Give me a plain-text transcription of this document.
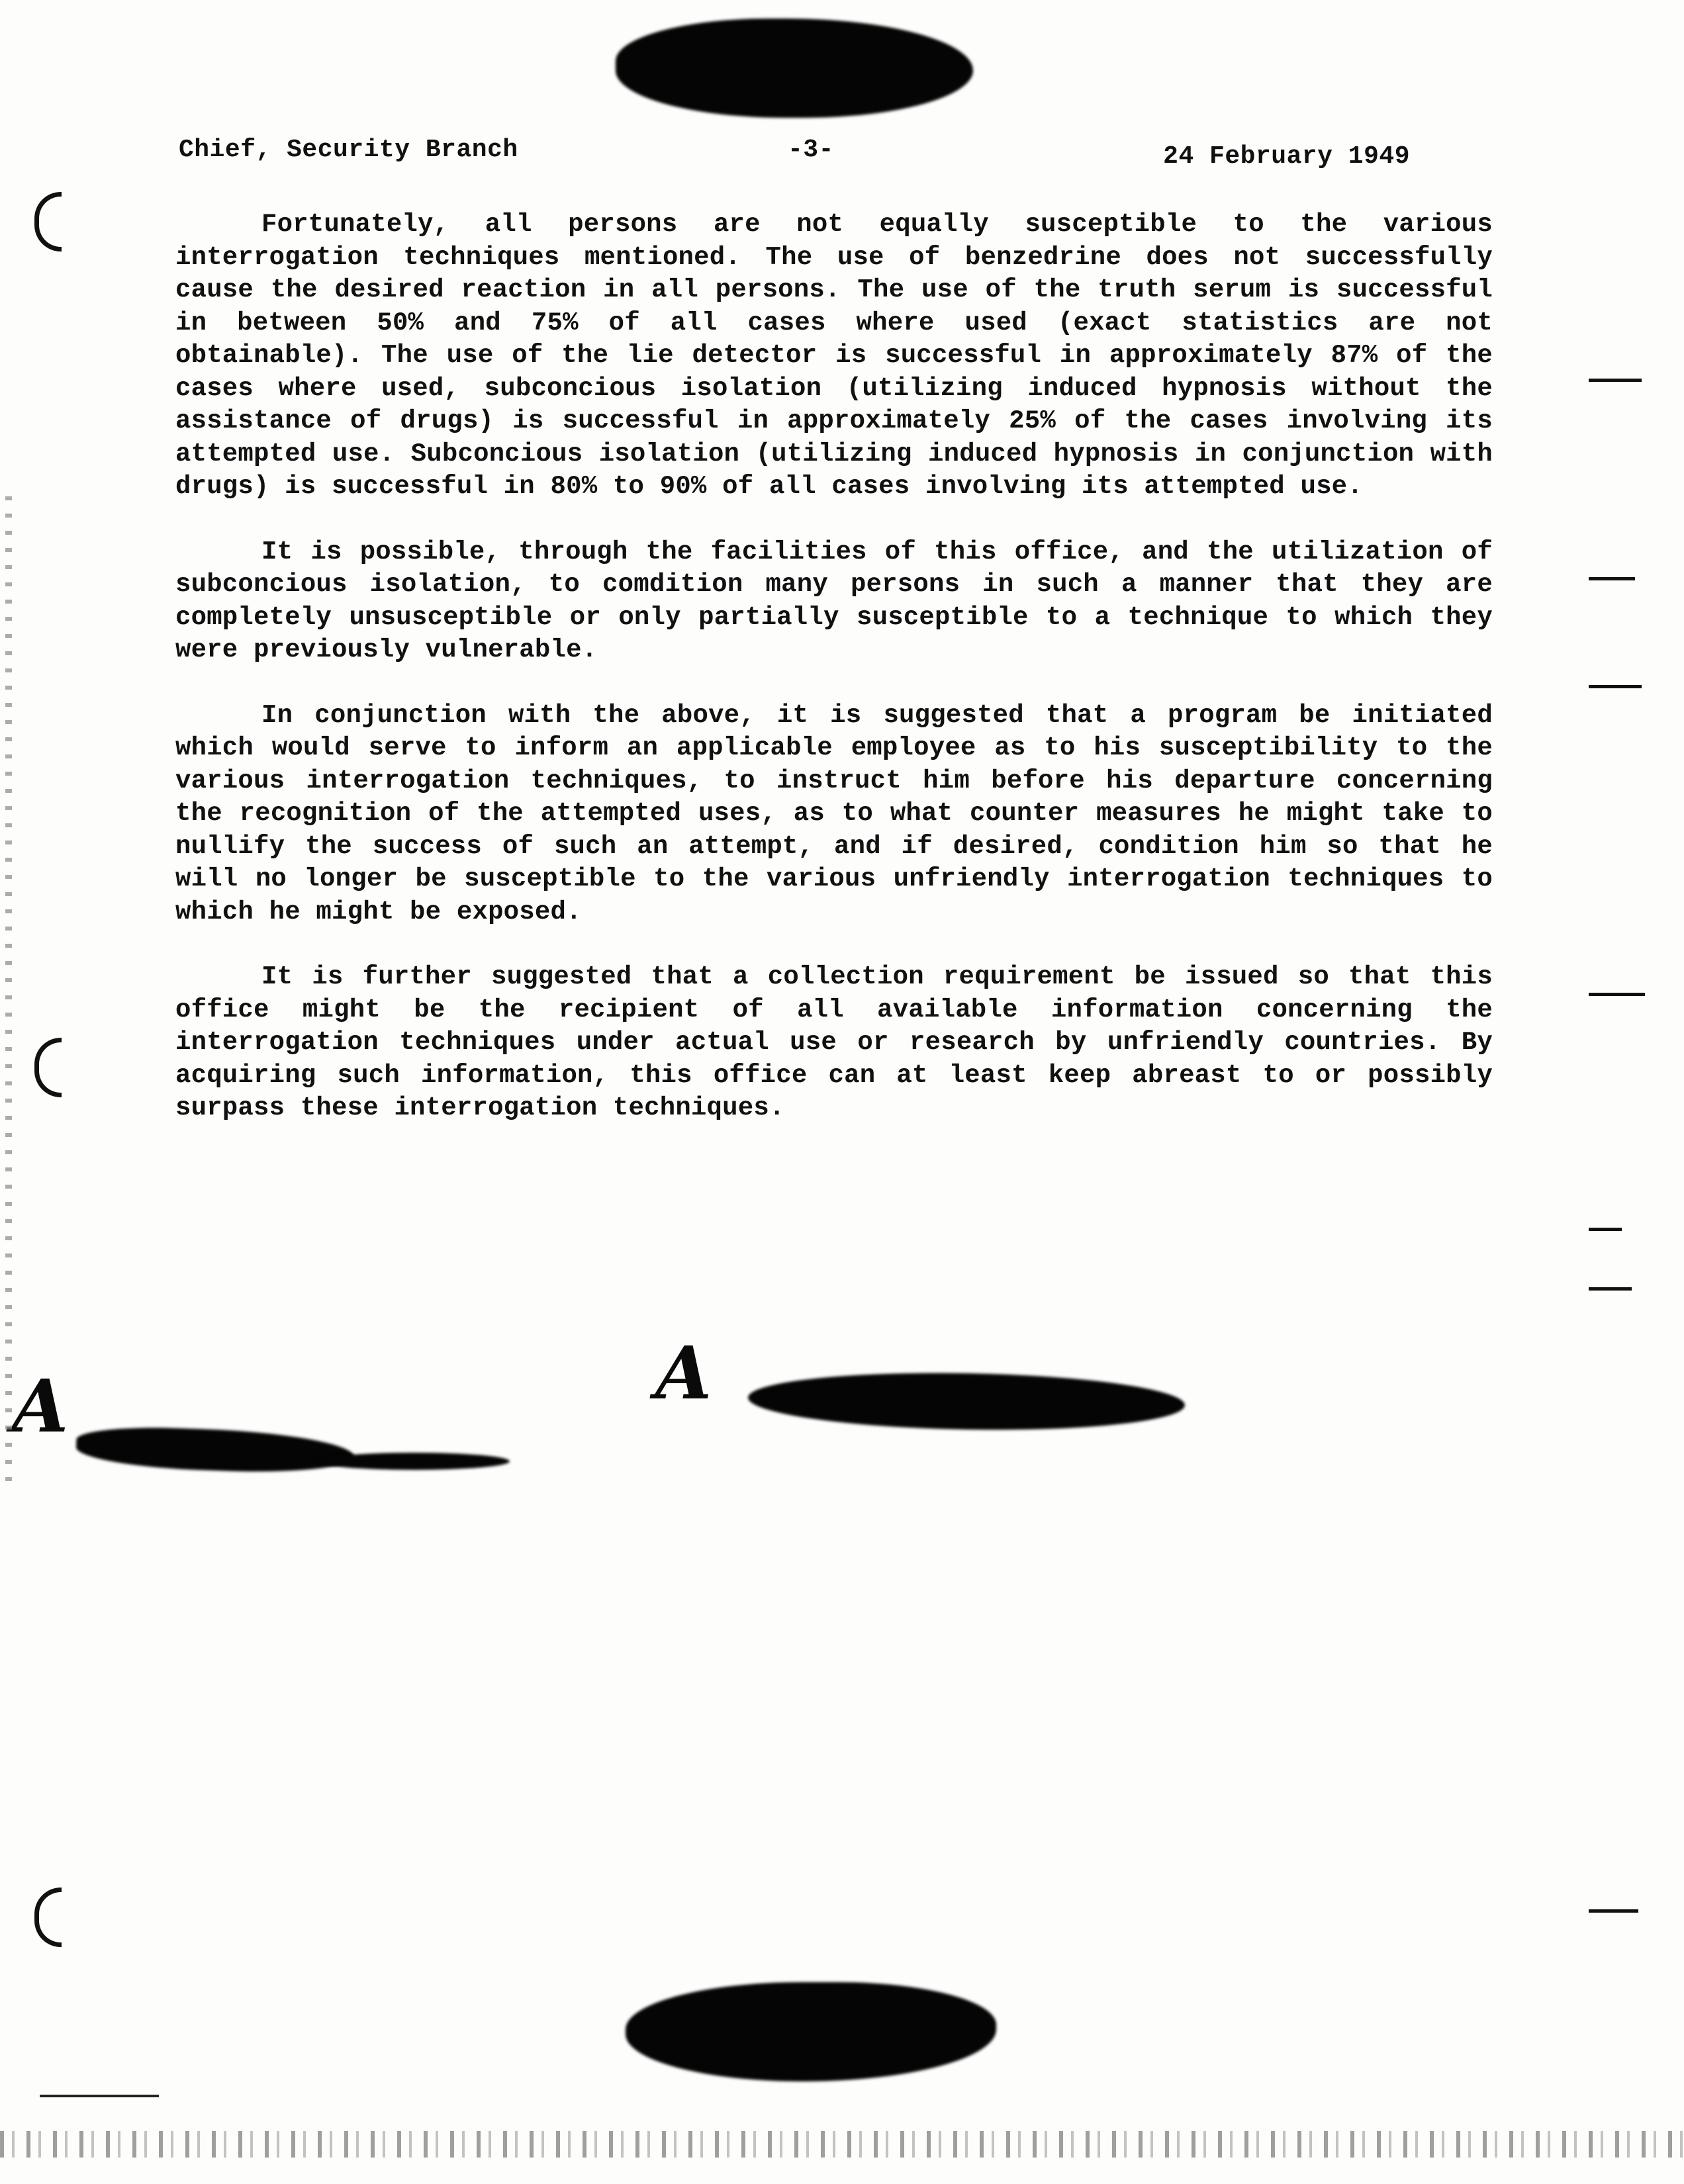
Chief, Security Branch	-3-	24 February 1949

Fortunately, all persons are not equally susceptible to the various interrogation techniques mentioned. The use of benzedrine does not successfully cause the desired reaction in all persons. The use of the truth serum is successful in between 50% and 75% of all cases where used (exact statistics are not obtainable). The use of the lie detector is successful in approximately 87% of the cases where used, subconcious isolation (utilizing induced hypnosis without the assistance of drugs) is successful in approximately 25% of the cases involving its attempted use. Subconcious isolation (utilizing induced hypnosis in conjunction with drugs) is successful in 80% to 90% of all cases involving its attempted use.

It is possible, through the facilities of this office, and the utilization of subconcious isolation, to comdition many persons in such a manner that they are completely unsusceptible or only partially susceptible to a technique to which they were previously vulnerable.

In conjunction with the above, it is suggested that a program be initiated which would serve to inform an applicable employee as to his susceptibility to the various interrogation techniques, to instruct him before his departure concerning the recognition of the attempted uses, as to what counter measures he might take to nullify the success of such an attempt, and if desired, condition him so that he will no longer be susceptible to the various unfriendly interrogation techniques to which he might be exposed.

It is further suggested that a collection requirement be issued so that this office might be the recipient of all available information concerning the interrogation techniques under actual use or research by unfriendly countries. By acquiring such information, this office can at least keep abreast to or possibly surpass these interrogation techniques.

A	A
